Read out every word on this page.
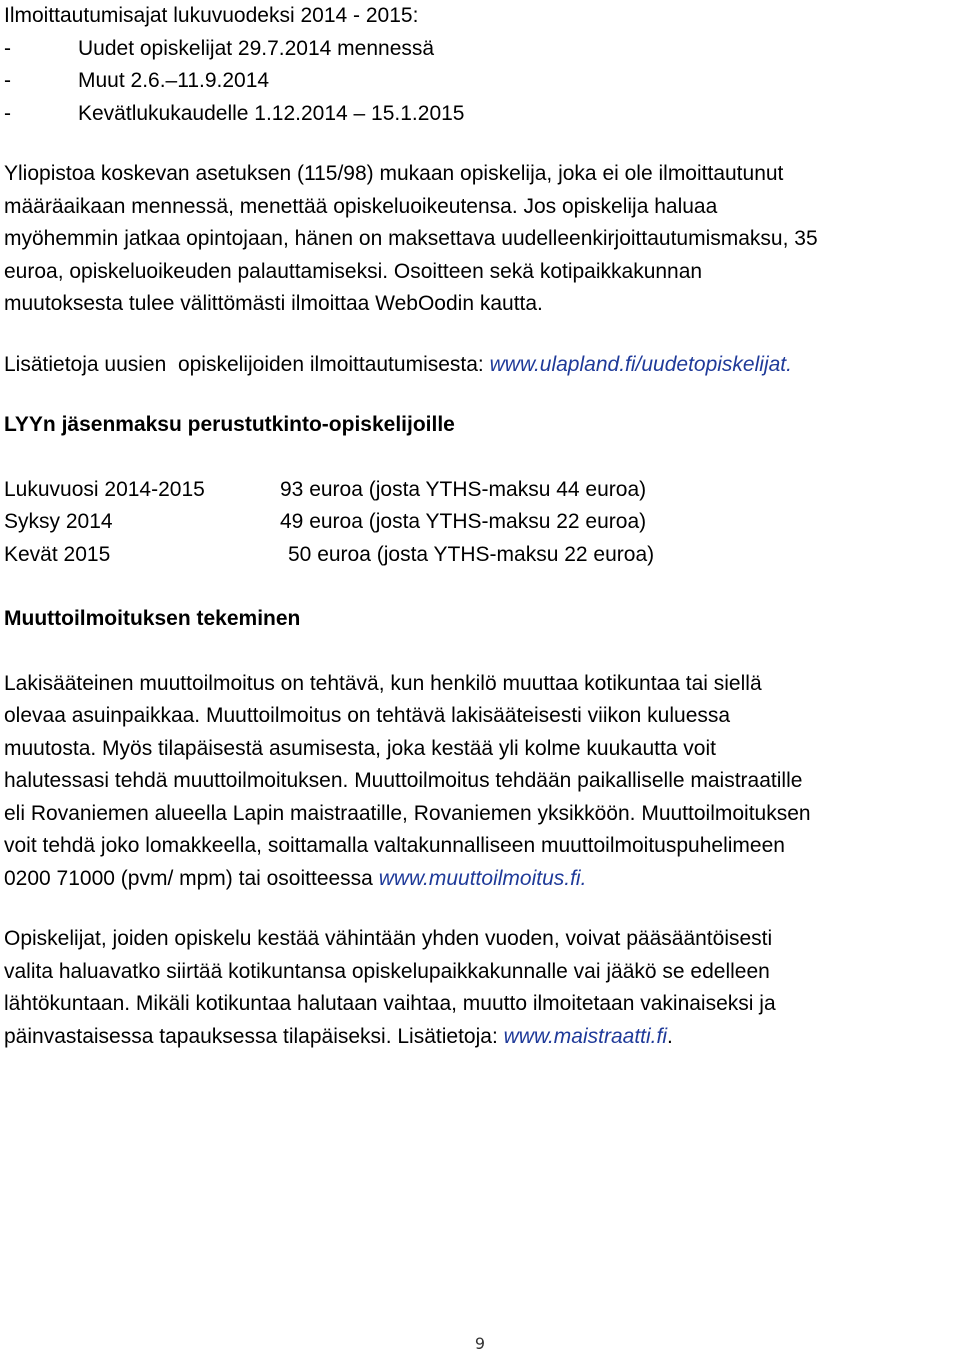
Ilmoittautumisajat lukuvuodeksi 2014 - 2015:
-	Uudet opiskelijat 29.7.2014 mennessä
-	Muut 2.6.–11.9.2014
-	Kevätlukukaudelle 1.12.2014 – 15.1.2015
Yliopistoa koskevan asetuksen (115/98) mukaan opiskelija, joka ei ole ilmoittautunut
määräaikaan mennessä, menettää opiskeluoikeutensa. Jos opiskelija haluaa
myöhemmin jatkaa opintojaan, hänen on maksettava uudelleenkirjoittautumismaksu, 35
euroa, opiskeluoikeuden palauttamiseksi. Osoitteen sekä kotipaikkakunnan
muutoksesta tulee välittömästi ilmoittaa WebOodin kautta.
Lisätietoja uusien  opiskelijoiden ilmoittautumisesta: www.ulapland.fi/uudetopiskelijat.
LYYn jäsenmaksu perustutkinto-opiskelijoille
Lukuvuosi 2014-2015	93 euroa (josta YTHS-maksu 44 euroa)
Syksy 2014	49 euroa (josta YTHS-maksu 22 euroa)
Kevät 2015	50 euroa (josta YTHS-maksu 22 euroa)
Muuttoilmoituksen tekeminen
Lakisääteinen muuttoilmoitus on tehtävä, kun henkilö muuttaa kotikuntaa tai siellä
olevaa asuinpaikkaa. Muuttoilmoitus on tehtävä lakisääteisesti viikon kuluessa
muutosta. Myös tilapäisestä asumisesta, joka kestää yli kolme kuukautta voit
halutessasi tehdä muuttoilmoituksen. Muuttoilmoitus tehdään paikalliselle maistraatille
eli Rovaniemen alueella Lapin maistraatille, Rovaniemen yksikköön. Muuttoilmoituksen
voit tehdä joko lomakkeella, soittamalla valtakunnalliseen muuttoilmoituspuhelimeen
0200 71000 (pvm/ mpm) tai osoitteessa www.muuttoilmoitus.fi.
Opiskelijat, joiden opiskelu kestää vähintään yhden vuoden, voivat pääsääntöisesti
valita haluavatko siirtää kotikuntansa opiskelupaikkakunnalle vai jääkö se edelleen
lähtökuntaan. Mikäli kotikuntaa halutaan vaihtaa, muutto ilmoitetaan vakinaiseksi ja
päinvastaisessa tapauksessa tilapäiseksi. Lisätietoja: www.maistraatti.fi.
9
